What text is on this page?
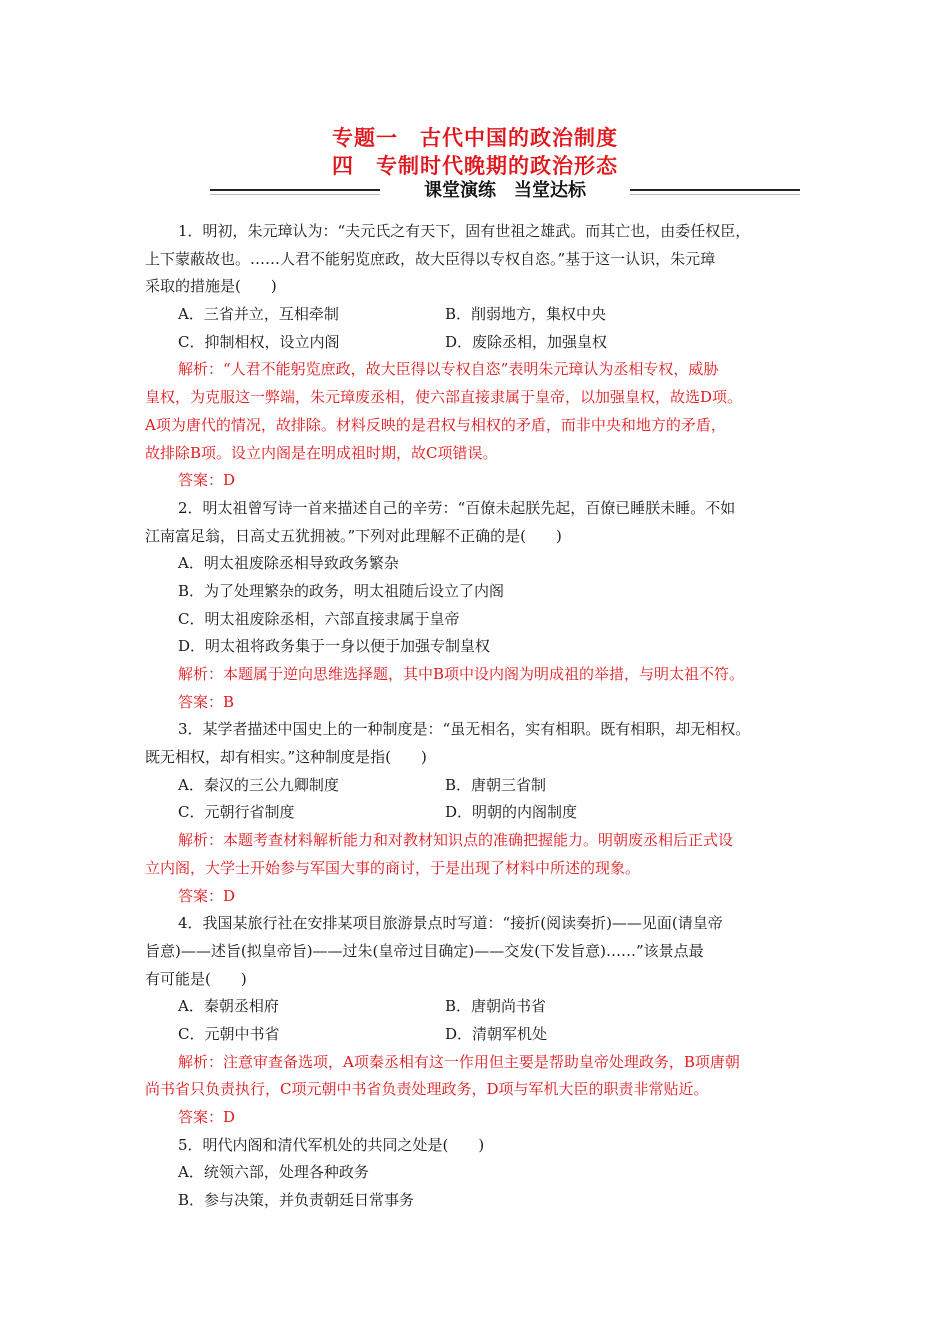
专题一　古代中国的政治制度
四　专制时代晚期的政治形态
课堂演练　当堂达标
1．明初，朱元璋认为：“夫元氏之有天下，固有世祖之雄武。而其亡也，由委任权臣，
上下蒙蔽故也。……人君不能躬览庶政，故大臣得以专权自恣。”基于这一认识，朱元璋
采取的措施是(　　)
A．三省并立，互相牵制	B．削弱地方，集权中央
C．抑制相权，设立内阁	D．废除丞相，加强皇权
解析：“人君不能躬览庶政，故大臣得以专权自恣”表明朱元璋认为丞相专权，威胁
皇权，为克服这一弊端，朱元璋废丞相，使六部直接隶属于皇帝，以加强皇权，故选D项。
A项为唐代的情况，故排除。材料反映的是君权与相权的矛盾，而非中央和地方的矛盾，
故排除B项。设立内阁是在明成祖时期，故C项错误。
答案：D
2．明太祖曾写诗一首来描述自己的辛劳：“百僚未起朕先起，百僚已睡朕未睡。不如
江南富足翁，日高丈五犹拥被。”下列对此理解不正确的是(　　)
A．明太祖废除丞相导致政务繁杂
B．为了处理繁杂的政务，明太祖随后设立了内阁
C．明太祖废除丞相，六部直接隶属于皇帝
D．明太祖将政务集于一身以便于加强专制皇权
解析：本题属于逆向思维选择题，其中B项中设内阁为明成祖的举措，与明太祖不符。
答案：B
3．某学者描述中国史上的一种制度是：“虽无相名，实有相职。既有相职，却无相权。
既无相权，却有相实。”这种制度是指(　　)
A．秦汉的三公九卿制度	B．唐朝三省制
C．元朝行省制度	D．明朝的内阁制度
解析：本题考查材料解析能力和对教材知识点的准确把握能力。明朝废丞相后正式设
立内阁，大学士开始参与军国大事的商讨，于是出现了材料中所述的现象。
答案：D
4．我国某旅行社在安排某项目旅游景点时写道：“接折(阅读奏折)——见面(请皇帝
旨意)——述旨(拟皇帝旨)——过朱(皇帝过目确定)——交发(下发旨意)……”该景点最
有可能是(　　)
A．秦朝丞相府	B．唐朝尚书省
C．元朝中书省	D．清朝军机处
解析：注意审查备选项，A项秦丞相有这一作用但主要是帮助皇帝处理政务，B项唐朝
尚书省只负责执行，C项元朝中书省负责处理政务，D项与军机大臣的职责非常贴近。
答案：D
5．明代内阁和清代军机处的共同之处是(　　)
A．统领六部，处理各种政务
B．参与决策，并负责朝廷日常事务
